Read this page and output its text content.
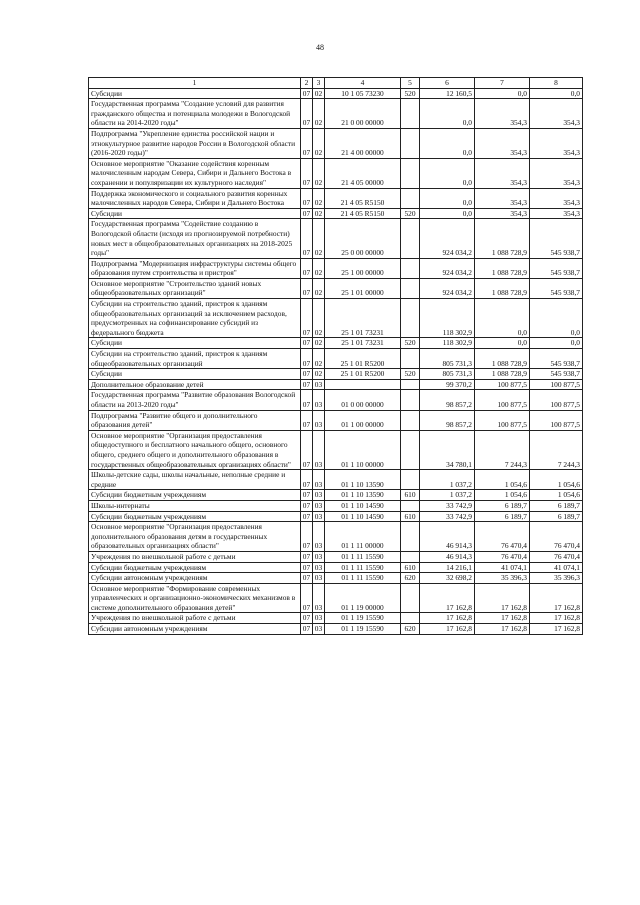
48
1	2	3	4	5	6	7	8
Субсидии	07	02	10 1 05 73230	520	12 160,5	0,0	0,0
Государственная программа "Создание условий для развития гражданского общества и потенциала молодежи в Вологодской области на 2014-2020 годы"	07	02	21 0 00 00000		0,0	354,3	354,3
Подпрограмма "Укрепление единства российской нации и этнокультурное развитие народов России в Вологодской области (2016-2020 годы)"	07	02	21 4 00 00000		0,0	354,3	354,3
Основное мероприятие "Оказание содействия коренным малочисленным народам Севера, Сибири и Дальнего Востока в сохранении и популяризации их культурного наследия"	07	02	21 4 05 00000		0,0	354,3	354,3
Поддержка экономического и социального развития коренных малочисленных народов Севера, Сибири и Дальнего Востока	07	02	21 4 05 R5150		0,0	354,3	354,3
Субсидии	07	02	21 4 05 R5150	520	0,0	354,3	354,3
Государственная программа "Содействие созданию в Вологодской области (исходя из прогнозируемой потребности) новых мест в общеобразовательных организациях на 2018-2025 годы"	07	02	25 0 00 00000		924 034,2	1 088 728,9	545 938,7
Подпрограмма "Модернизация инфраструктуры системы общего образования путем строительства и пристроя"	07	02	25 1 00 00000		924 034,2	1 088 728,9	545 938,7
Основное мероприятие "Строительство зданий новых общеобразовательных организаций"	07	02	25 1 01 00000		924 034,2	1 088 728,9	545 938,7
Субсидии на строительство зданий, пристроя к зданиям общеобразовательных организаций за исключением расходов, предусмотренных на софинансирование субсидий из федерального бюджета	07	02	25 1 01 73231		118 302,9	0,0	0,0
Субсидии	07	02	25 1 01 73231	520	118 302,9	0,0	0,0
Субсидии на строительство зданий, пристроя к зданиям общеобразовательных организаций	07	02	25 1 01 R5200		805 731,3	1 088 728,9	545 938,7
Субсидии	07	02	25 1 01 R5200	520	805 731,3	1 088 728,9	545 938,7
Дополнительное образование детей	07	03			99 370,2	100 877,5	100 877,5
Государственная программа "Развитие образования Вологодской области на 2013-2020 годы"	07	03	01 0 00 00000		98 857,2	100 877,5	100 877,5
Подпрограмма "Развитие общего и дополнительного образования детей"	07	03	01 1 00 00000		98 857,2	100 877,5	100 877,5
Основное мероприятие "Организация предоставления общедоступного и бесплатного начального общего, основного общего, среднего общего и дополнительного образования в государственных общеобразовательных организациях области"	07	03	01 1 10 00000		34 780,1	7 244,3	7 244,3
Школы-детские сады, школы начальные, неполные средние и средние	07	03	01 1 10 13590		1 037,2	1 054,6	1 054,6
Субсидии бюджетным учреждениям	07	03	01 1 10 13590	610	1 037,2	1 054,6	1 054,6
Школы-интернаты	07	03	01 1 10 14590		33 742,9	6 189,7	6 189,7
Субсидии бюджетным учреждениям	07	03	01 1 10 14590	610	33 742,9	6 189,7	6 189,7
Основное мероприятие "Организация предоставления дополнительного образования детям в государственных образовательных организациях области"	07	03	01 1 11 00000		46 914,3	76 470,4	76 470,4
Учреждения по внешкольной работе с детьми	07	03	01 1 11 15590		46 914,3	76 470,4	76 470,4
Субсидии бюджетным учреждениям	07	03	01 1 11 15590	610	14 216,1	41 074,1	41 074,1
Субсидии автономным учреждениям	07	03	01 1 11 15590	620	32 698,2	35 396,3	35 396,3
Основное мероприятие "Формирование современных управленческих и организационно-экономических механизмов в системе дополнительного образования детей"	07	03	01 1 19 00000		17 162,8	17 162,8	17 162,8
Учреждения по внешкольной работе с детьми	07	03	01 1 19 15590		17 162,8	17 162,8	17 162,8
Субсидии автономным учреждениям	07	03	01 1 19 15590	620	17 162,8	17 162,8	17 162,8
